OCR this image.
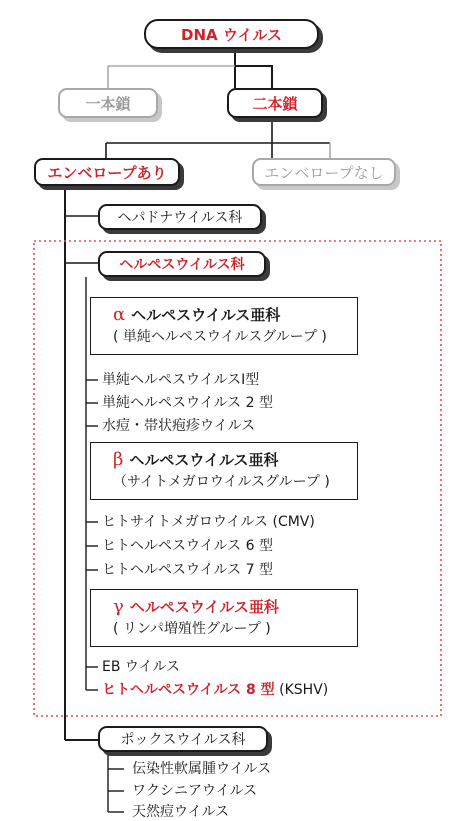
DNA ウイルス
一本鎖	二本鎖
エンベロープあり	エンベロープなし
ヘパドナウイルス科
ヘルペスウイルス科
α ヘルペスウイルス亜科
( 単純ヘルペスウイルスグループ )
単純ヘルペスウイルスⅠ型
単純ヘルペスウイルス 2 型
水痘・帯状疱疹ウイルス
β ヘルペスウイルス亜科
（サイトメガロウイルスグループ )
ヒトサイトメガロウイルス (CMV)
ヒトヘルペスウイルス 6 型
ヒトヘルペスウイルス 7 型
γ ヘルペスウイルス亜科
( リンパ増殖性グループ )
EB ウイルス
ヒトヘルペスウイルス 8 型 (KSHV)
ポックスウイルス科
伝染性軟属腫ウイルス
ワクシニアウイルス
天然痘ウイルス
